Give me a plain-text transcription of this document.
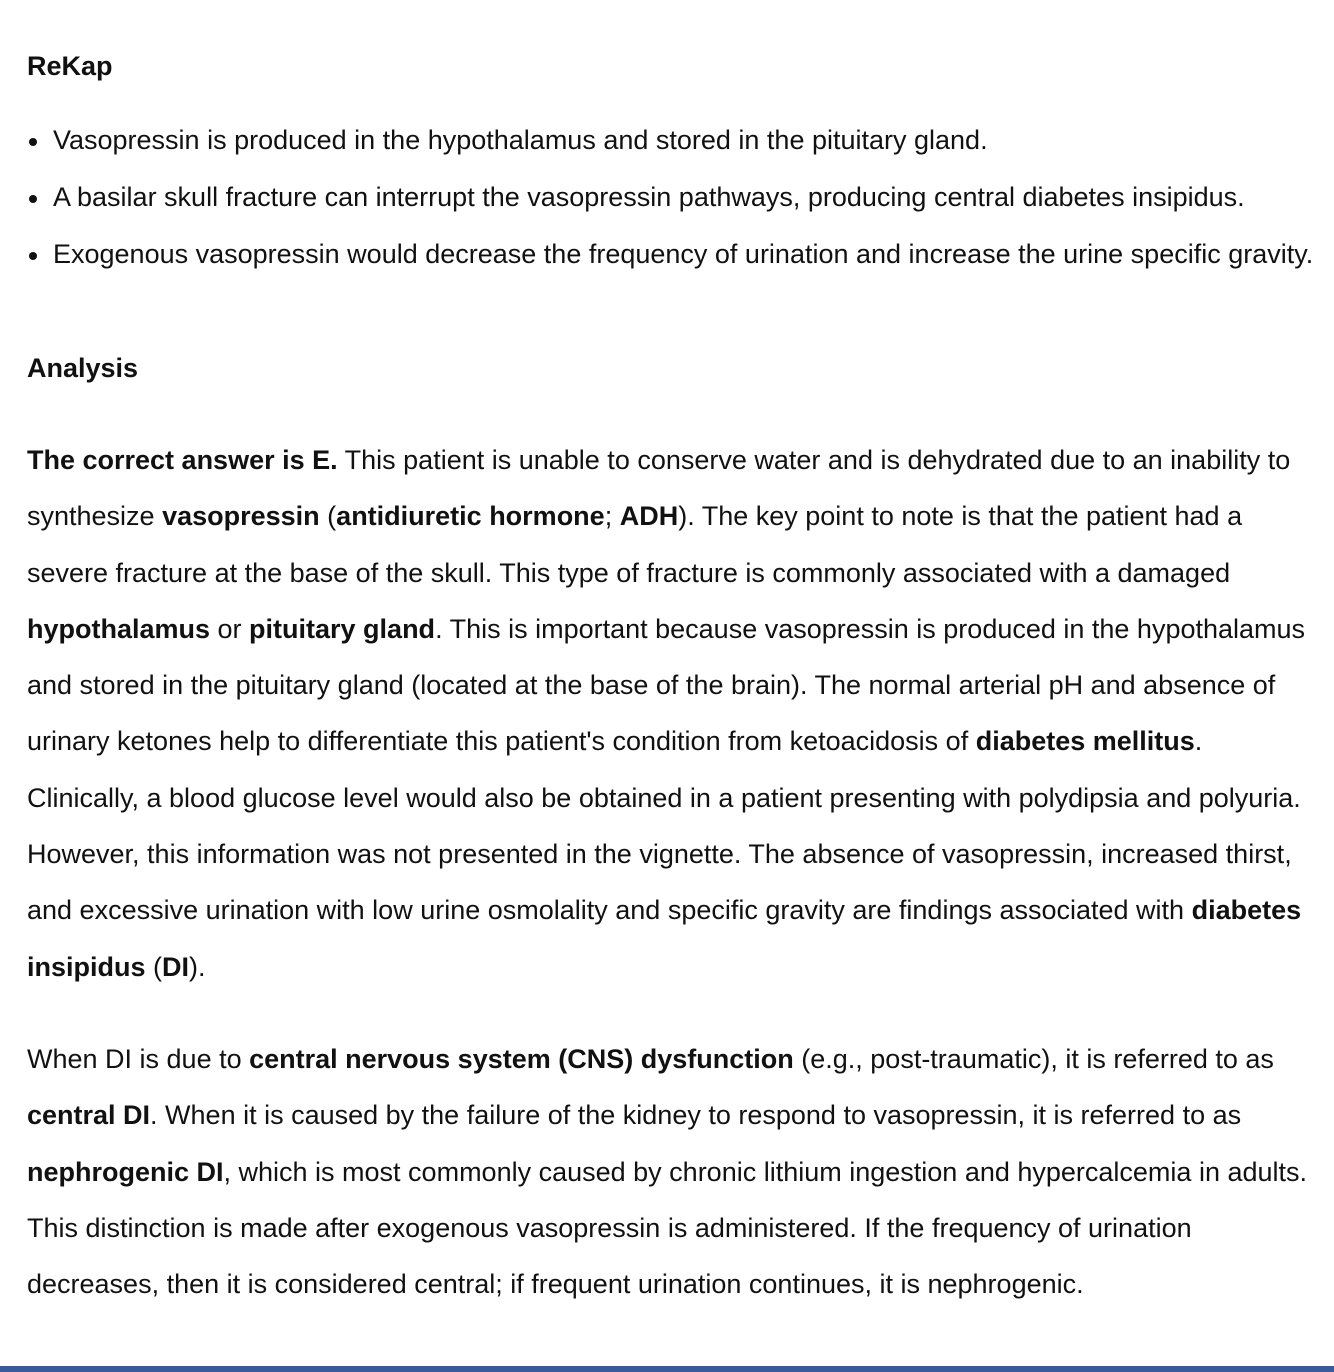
ReKap
Vasopressin is produced in the hypothalamus and stored in the pituitary gland.
A basilar skull fracture can interrupt the vasopressin pathways, producing central diabetes insipidus.
Exogenous vasopressin would decrease the frequency of urination and increase the urine specific gravity.
Analysis

The correct answer is E. This patient is unable to conserve water and is dehydrated due to an inability to synthesize vasopressin (antidiuretic hormone; ADH). The key point to note is that the patient had a severe fracture at the base of the skull. This type of fracture is commonly associated with a damaged hypothalamus or pituitary gland. This is important because vasopressin is produced in the hypothalamus and stored in the pituitary gland (located at the base of the brain). The normal arterial pH and absence of urinary ketones help to differentiate this patient's condition from ketoacidosis of diabetes mellitus. Clinically, a blood glucose level would also be obtained in a patient presenting with polydipsia and polyuria. However, this information was not presented in the vignette. The absence of vasopressin, increased thirst, and excessive urination with low urine osmolality and specific gravity are findings associated with diabetes insipidus (DI).

When DI is due to central nervous system (CNS) dysfunction (e.g., post-traumatic), it is referred to as central DI. When it is caused by the failure of the kidney to respond to vasopressin, it is referred to as nephrogenic DI, which is most commonly caused by chronic lithium ingestion and hypercalcemia in adults. This distinction is made after exogenous vasopressin is administered. If the frequency of urination decreases, then it is considered central; if frequent urination continues, it is nephrogenic.
